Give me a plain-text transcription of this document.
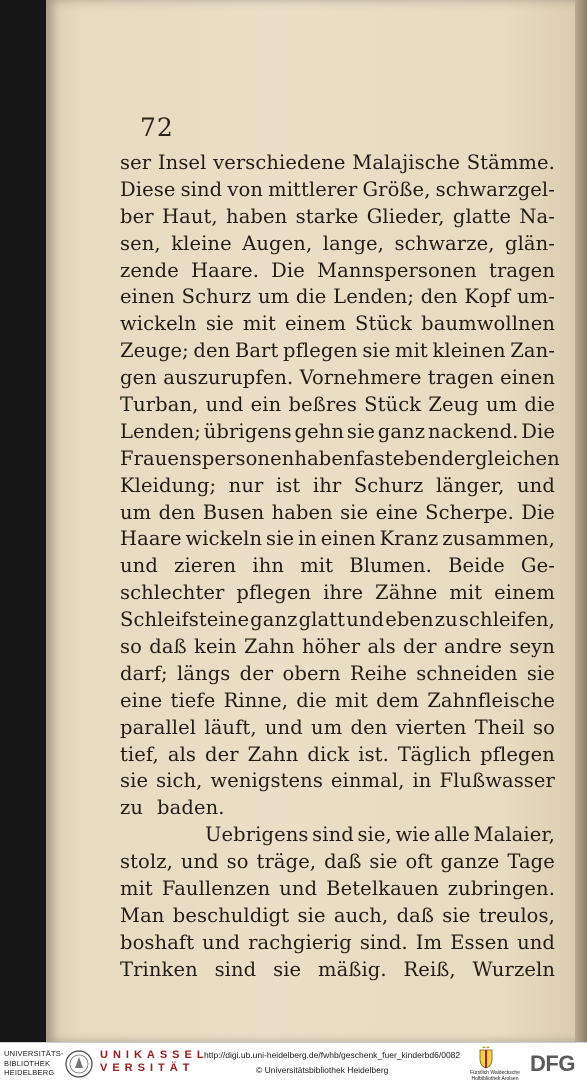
72
ser Insel verschiedene Malajische Stämme.
Diese sind von mittlerer Größe, schwarzgel-
ber Haut, haben starke Glieder, glatte Na-
sen, kleine Augen, lange, schwarze, glän-
zende Haare. Die Mannspersonen tragen
einen Schurz um die Lenden; den Kopf um-
wickeln sie mit einem Stück baumwollnen
Zeuge; den Bart pflegen sie mit kleinen Zan-
gen auszurupfen. Vornehmere tragen einen
Turban, und ein beßres Stück Zeug um die
Lenden; übrigens gehn sie ganz nackend. Die
Frauenspersonen haben fast eben dergleichen
Kleidung; nur ist ihr Schurz länger, und
um den Busen haben sie eine Scherpe. Die
Haare wickeln sie in einen Kranz zusammen,
und zieren ihn mit Blumen. Beide Ge-
schlechter pflegen ihre Zähne mit einem
Schleifsteine ganz glatt und eben zu schleifen,
so daß kein Zahn höher als der andre seyn
darf; längs der obern Reihe schneiden sie
eine tiefe Rinne, die mit dem Zahnfleische
parallel läuft, und um den vierten Theil so
tief, als der Zahn dick ist. Täglich pflegen
sie sich, wenigstens einmal, in Flußwasser
zu baden.
Uebrigens sind sie, wie alle Malaier,
stolz, und so träge, daß sie oft ganze Tage
mit Faullenzen und Betelkauen zubringen.
Man beschuldigt sie auch, daß sie treulos,
boshaft und rachgierig sind. Im Essen und
Trinken sind sie mäßig. Reiß, Wurzeln
UNIVERSITÄTS-
BIBLIOTHEK
HEIDELBERG
UNIKASSEL
VERSITÄT
http://digi.ub.uni-heidelberg.de/fwhb/geschenk_fuer_kinderbd6/0082
© Universitätsbibliothek Heidelberg	Fürstlich Waldecksche
Hofbibliothek Arolsen
DFG
